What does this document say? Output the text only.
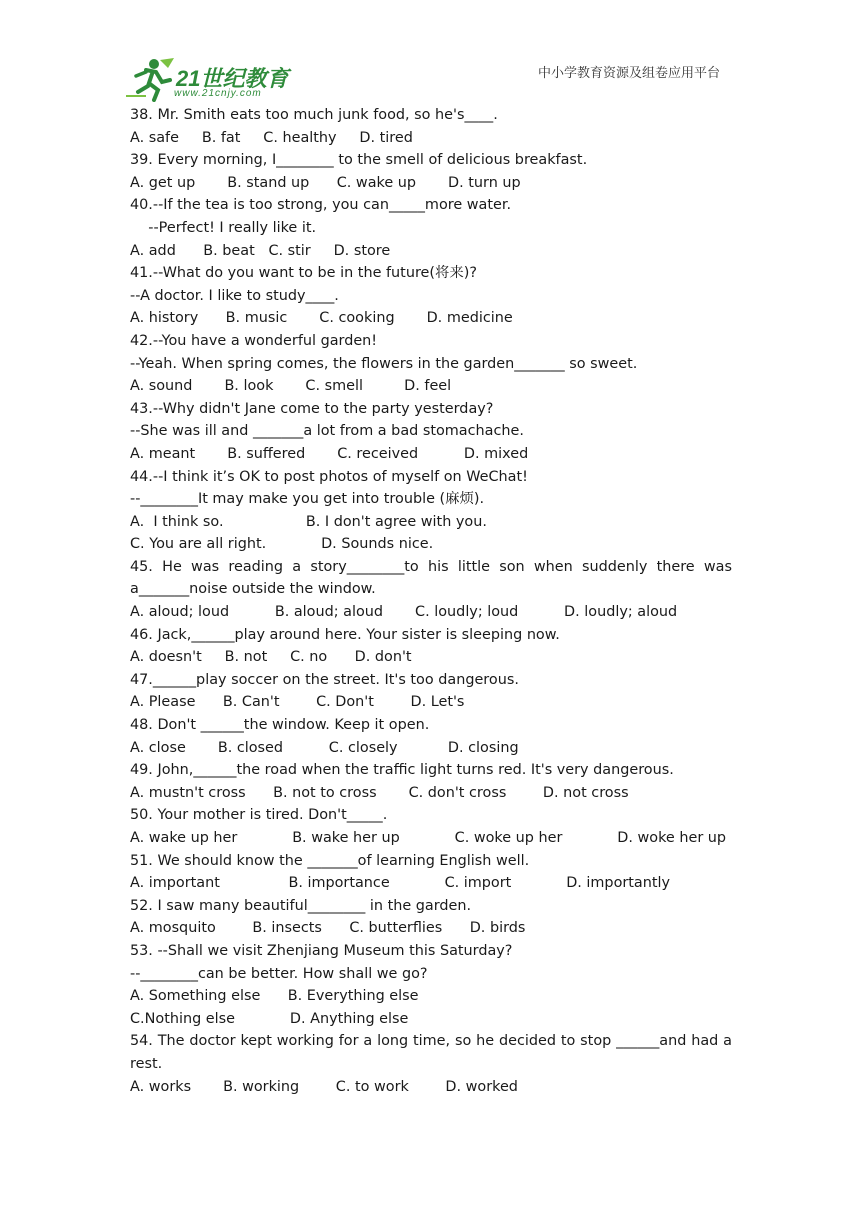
21世纪教育
www.21cnjy.com
中小学教育资源及组卷应用平台
38. Mr. Smith eats too much junk food, so he's____.
A. safe     B. fat     C. healthy     D. tired
39. Every morning, I________ to the smell of delicious breakfast.
A. get up       B. stand up      C. wake up       D. turn up
40.--If the tea is too strong, you can_____more water.
--Perfect! I really like it.
A. add      B. beat   C. stir     D. store
41.--What do you want to be in the future(将来)?
--A doctor. I like to study____.
A. history      B. music       C. cooking       D. medicine
42.--You have a wonderful garden!
--Yeah. When spring comes, the flowers in the garden_______ so sweet.
A. sound       B. look       C. smell         D. feel
43.--Why didn't Jane come to the party yesterday?
--She was ill and _______a lot from a bad stomachache.
A. meant       B. suffered       C. received          D. mixed
44.--I think it’s OK to post photos of myself on WeChat!
--________It may make you get into trouble (麻烦).
A.  I think so.                  B. I don't agree with you.
C. You are all right.            D. Sounds nice.
45. He was reading a story________to his little son when suddenly there was
a_______noise outside the window.
A. aloud; loud          B. aloud; aloud       C. loudly; loud          D. loudly; aloud
46. Jack,______play around here. Your sister is sleeping now.
A. doesn't     B. not     C. no      D. don't
47.______play soccer on the street. It's too dangerous.
A. Please      B. Can't        C. Don't        D. Let's
48. Don't ______the window. Keep it open.
A. close       B. closed          C. closely           D. closing
49. John,______the road when the traffic light turns red. It's very dangerous.
A. mustn't cross      B. not to cross       C. don't cross        D. not cross
50. Your mother is tired. Don't_____.
A. wake up her            B. wake her up            C. woke up her            D. woke her up
51. We should know the _______of learning English well.
A. important               B. importance            C. import            D. importantly
52. I saw many beautiful________ in the garden.
A. mosquito        B. insects      C. butterflies      D. birds
53. --Shall we visit Zhenjiang Museum this Saturday?
--________can be better. How shall we go?
A. Something else      B. Everything else
C.Nothing else            D. Anything else
54. The doctor kept working for a long time, so he decided to stop ______and had a
rest.
A. works       B. working        C. to work        D. worked
